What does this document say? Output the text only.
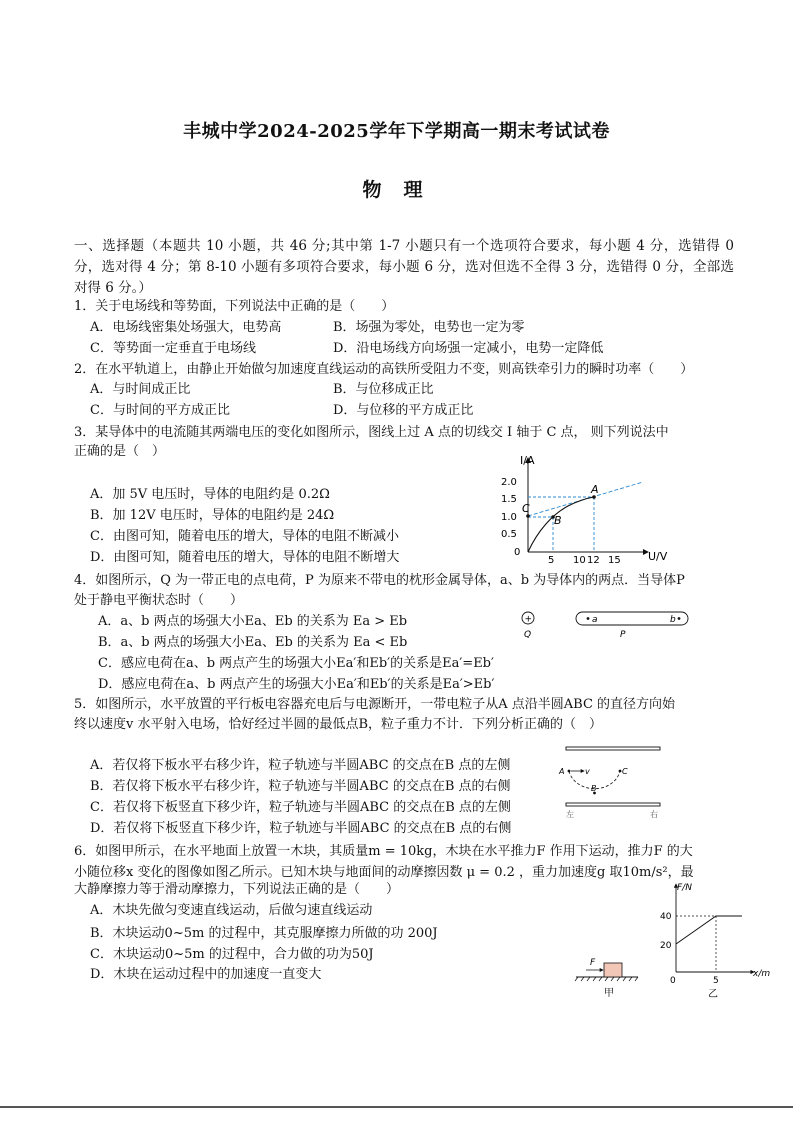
丰城中学2024-2025学年下学期高一期末考试试卷
物理
一、选择题（本题共 10 小题，共 46 分;其中第 1-7 小题只有一个选项符合要求，每小题 4 分，选错得 0 分，选对得 4 分；第 8-10 小题有多项符合要求，每小题 6 分，选对但选不全得 3 分，选错得 0 分，全部选对得 6 分。）
1．关于电场线和等势面，下列说法中正确的是（　　）
A．电场线密集处场强大，电势高	B．场强为零处，电势也一定为零
C．等势面一定垂直于电场线	D．沿电场线方向场强一定减小，电势一定降低
2．在水平轨道上，由静止开始做匀加速度直线运动的高铁所受阻力不变，则高铁牵引力的瞬时功率（　　）
A．与时间成正比	B．与位移成正比
C．与时间的平方成正比	D．与位移的平方成正比
3．某导体中的电流随其两端电压的变化如图所示，图线上过 A 点的切线交 I 轴于 C 点， 则下列说法中
正确的是（　）
A．加 5V 电压时，导体的电阻约是 0.2Ω
B．加 12V 电压时，导体的电阻约是 24Ω
C．由图可知，随着电压的增大，导体的电阻不断减小
D．由图可知，随着电压的增大，导体的电阻不断增大
I/A
U/V
2.0
1.5
1.0
0.5
0
5 10 12 15
A
B
C
4．如图所示，Q 为一带正电的点电荷，P 为原来不带电的枕形金属导体，a、b 为导体内的两点．当导体P
处于静电平衡状态时（　　）
A．a、b 两点的场强大小Ea、Eb 的关系为 Ea > Eb
B．a、b 两点的场强大小Ea、Eb 的关系为 Ea < Eb
C．感应电荷在a、b 两点产生的场强大小Ea′和Eb′的关系是Ea′=Eb′
D．感应电荷在a、b 两点产生的场强大小Ea′和Eb′的关系是Ea′>Eb′
+
Q
a	b
P
5．如图所示，水平放置的平行板电容器充电后与电源断开，一带电粒子从A 点沿半圆ABC 的直径方向始
终以速度v 水平射入电场，恰好经过半圆的最低点B，粒子重力不计．下列分析正确的（　）
A．若仅将下板水平右移少许，粒子轨迹与半圆ABC 的交点在B 点的左侧
B．若仅将下板水平右移少许，粒子轨迹与半圆ABC 的交点在B 点的右侧
C．若仅将下板竖直下移少许，粒子轨迹与半圆ABC 的交点在B 点的左侧
D．若仅将下板竖直下移少许，粒子轨迹与半圆ABC 的交点在B 点的右侧
A	v
B
C
左	右
6．如图甲所示，在水平地面上放置一木块，其质量m = 10kg，木块在水平推力F 作用下运动，推力F 的大
小随位移x 变化的图像如图乙所示。已知木块与地面间的动摩擦因数 μ = 0.2 ，重力加速度g 取10m/s²，最
大静摩擦力等于滑动摩擦力，下列说法正确的是（　　）
A．木块先做匀变速直线运动，后做匀速直线运动
B．木块运动0~5m 的过程中，其克服摩擦力所做的功 200J
C．木块运动0~5m 的过程中，合力做的功为50J
D．木块在运动过程中的加速度一直变大
F
甲
F/N
x/m
40
20
0	5
乙
